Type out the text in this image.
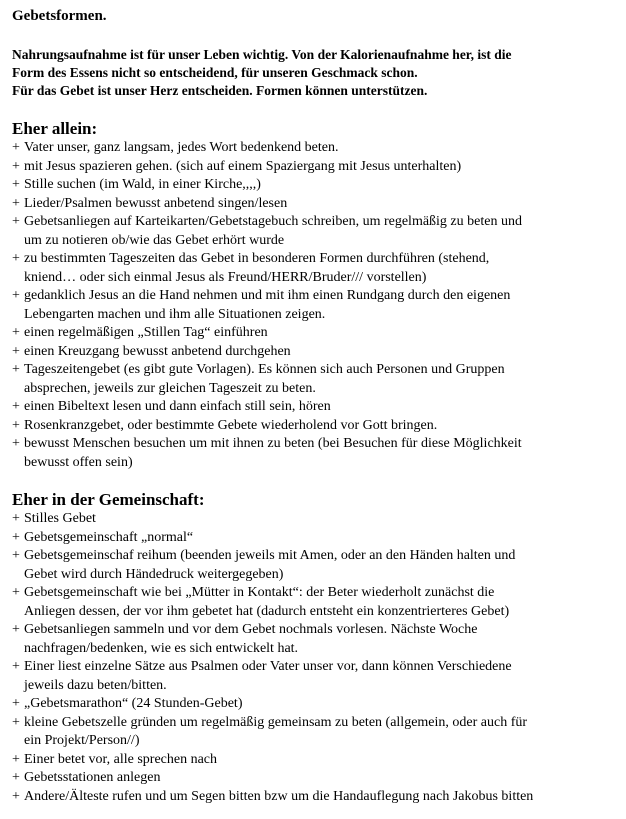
Gebetsformen.
Nahrungsaufnahme ist für unser Leben wichtig. Von der Kalorienaufnahme her, ist die
Form des Essens nicht so entscheidend, für unseren Geschmack schon.
Für das Gebet ist unser Herz entscheiden. Formen können unterstützen.
Eher allein:
+ Vater unser, ganz langsam, jedes Wort bedenkend beten.
+ mit Jesus spazieren gehen. (sich auf einem Spaziergang mit Jesus unterhalten)
+ Stille suchen (im Wald, in einer Kirche,,,,)
+ Lieder/Psalmen bewusst anbetend singen/lesen
+ Gebetsanliegen auf Karteikarten/Gebetstagebuch schreiben, um regelmäßig zu beten und
um zu notieren ob/wie das Gebet erhört wurde
+ zu bestimmten Tageszeiten das Gebet in besonderen Formen durchführen (stehend,
kniend… oder sich einmal Jesus als Freund/HERR/Bruder/// vorstellen)
+ gedanklich Jesus an die Hand nehmen und mit ihm einen Rundgang durch den eigenen
Lebengarten machen und ihm alle Situationen zeigen.
+ einen regelmäßigen „Stillen Tag“ einführen
+ einen Kreuzgang bewusst anbetend durchgehen
+ Tageszeitengebet (es gibt gute Vorlagen). Es können sich auch Personen und Gruppen
absprechen, jeweils zur gleichen Tageszeit zu beten.
+ einen Bibeltext lesen und dann einfach still sein, hören
+ Rosenkranzgebet, oder bestimmte Gebete wiederholend vor Gott bringen.
+ bewusst Menschen besuchen um mit ihnen zu beten (bei Besuchen für diese Möglichkeit
bewusst offen sein)
Eher in der Gemeinschaft:
+ Stilles Gebet
+ Gebetsgemeinschaft „normal“
+ Gebetsgemeinschaf reihum (beenden jeweils mit Amen, oder an den Händen halten und
Gebet wird durch Händedruck weitergegeben)
+ Gebetsgemeinschaft wie bei „Mütter in Kontakt“: der Beter wiederholt zunächst die
Anliegen dessen, der vor ihm gebetet hat (dadurch entsteht ein konzentrierteres Gebet)
+ Gebetsanliegen sammeln und vor dem Gebet nochmals vorlesen. Nächste Woche
nachfragen/bedenken, wie es sich entwickelt hat.
+ Einer liest einzelne Sätze aus Psalmen oder Vater unser vor, dann können Verschiedene
jeweils dazu beten/bitten.
+ „Gebetsmarathon“ (24 Stunden-Gebet)
+ kleine Gebetszelle gründen um regelmäßig gemeinsam zu beten (allgemein, oder auch für
ein Projekt/Person//)
+ Einer betet vor, alle sprechen nach
+ Gebetsstationen anlegen
+ Andere/Älteste rufen und um Segen bitten bzw um die Handauflegung nach Jakobus bitten
